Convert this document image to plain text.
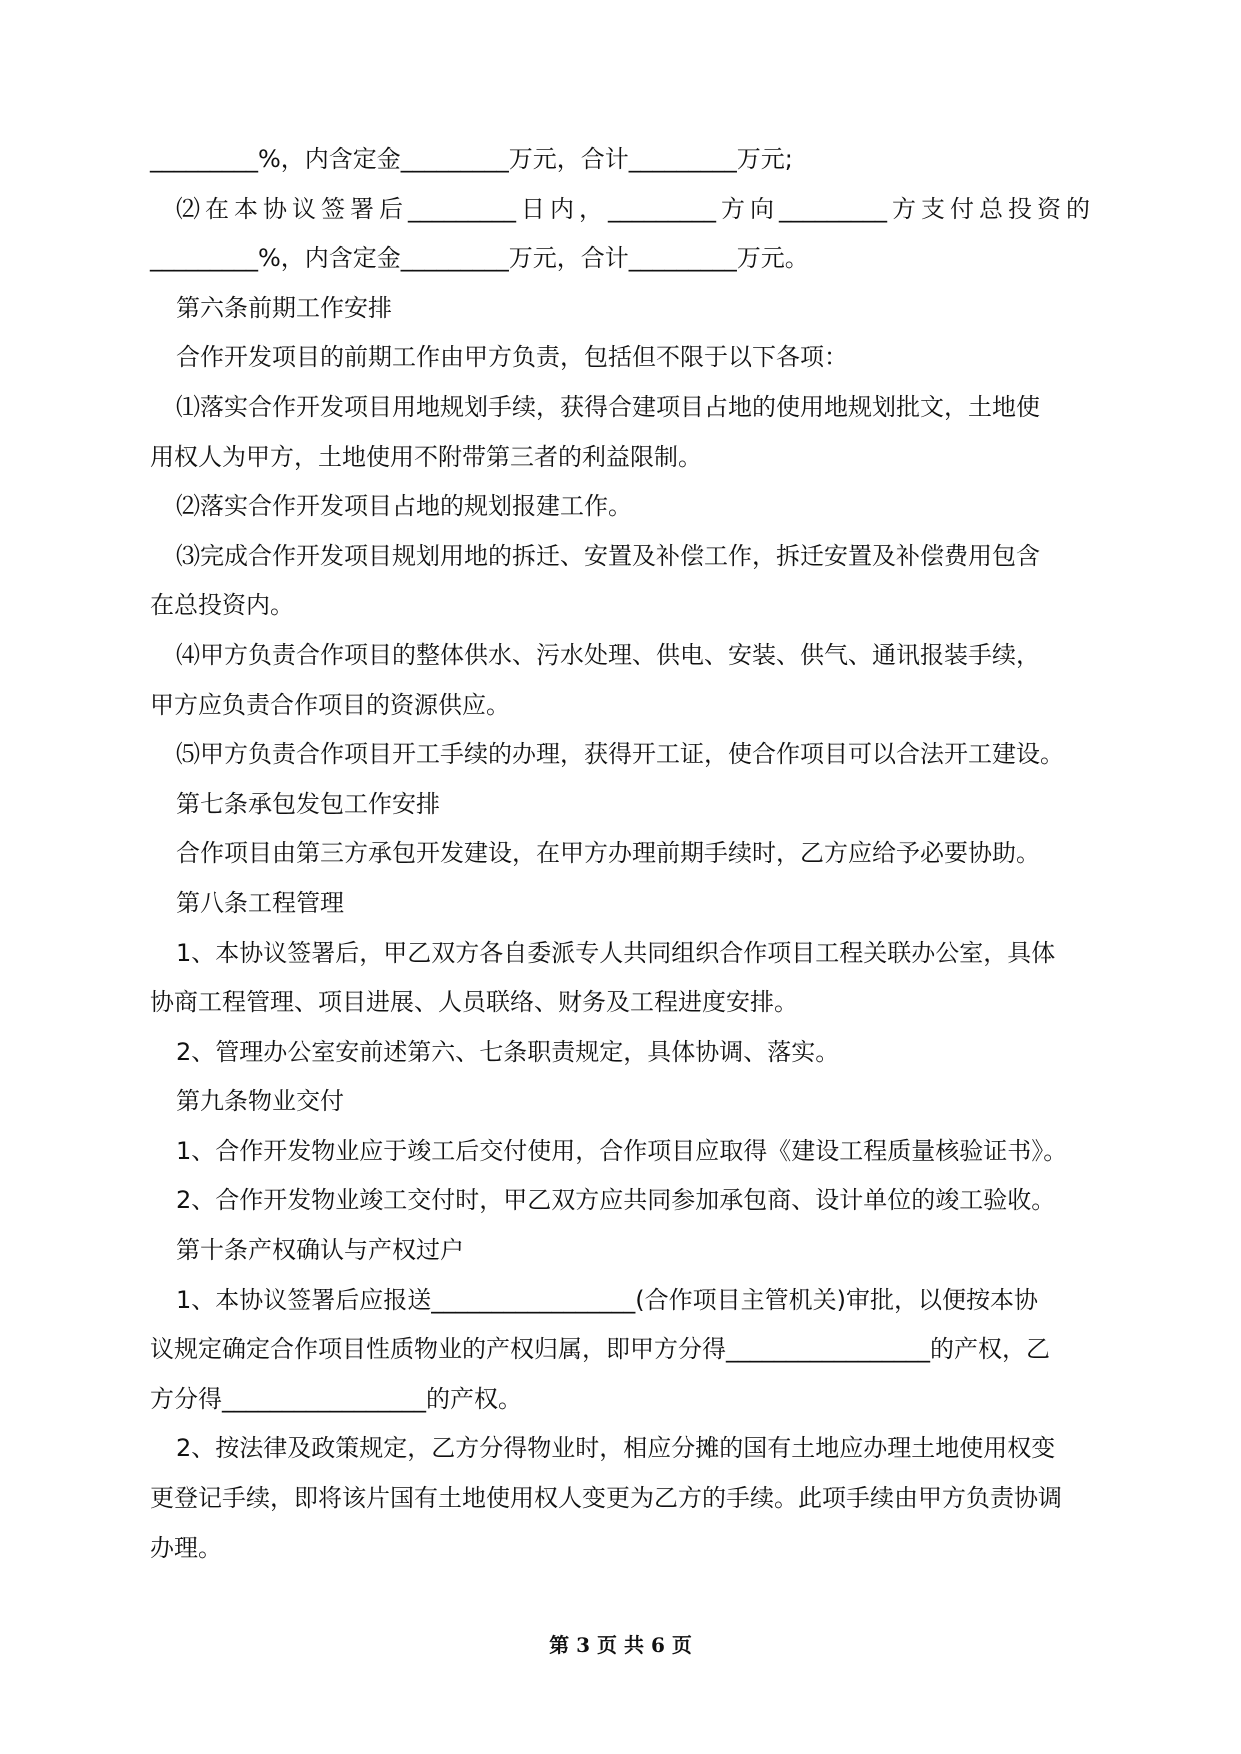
_________%，内含定金_________万元，合计_________万元;
⑵在本协议签署后_________日内，_________方向_________方支付总投资的
_________%，内含定金_________万元，合计_________万元。
第六条前期工作安排
合作开发项目的前期工作由甲方负责，包括但不限于以下各项：
⑴落实合作开发项目用地规划手续，获得合建项目占地的使用地规划批文，土地使
用权人为甲方，土地使用不附带第三者的利益限制。
⑵落实合作开发项目占地的规划报建工作。
⑶完成合作开发项目规划用地的拆迁、安置及补偿工作，拆迁安置及补偿费用包含
在总投资内。
⑷甲方负责合作项目的整体供水、污水处理、供电、安装、供气、通讯报装手续，
甲方应负责合作项目的资源供应。
⑸甲方负责合作项目开工手续的办理，获得开工证，使合作项目可以合法开工建设。
第七条承包发包工作安排
合作项目由第三方承包开发建设，在甲方办理前期手续时，乙方应给予必要协助。
第八条工程管理
1、本协议签署后，甲乙双方各自委派专人共同组织合作项目工程关联办公室，具体
协商工程管理、项目进展、人员联络、财务及工程进度安排。
2、管理办公室安前述第六、七条职责规定，具体协调、落实。
第九条物业交付
1、合作开发物业应于竣工后交付使用，合作项目应取得《建设工程质量核验证书》。
2、合作开发物业竣工交付时，甲乙双方应共同参加承包商、设计单位的竣工验收。
第十条产权确认与产权过户
1、本协议签署后应报送_________________(合作项目主管机关)审批，以便按本协
议规定确定合作项目性质物业的产权归属，即甲方分得_________________的产权，乙
方分得_________________的产权。
2、按法律及政策规定，乙方分得物业时，相应分摊的国有土地应办理土地使用权变
更登记手续，即将该片国有土地使用权人变更为乙方的手续。此项手续由甲方负责协调
办理。
第 3 页 共 6 页
